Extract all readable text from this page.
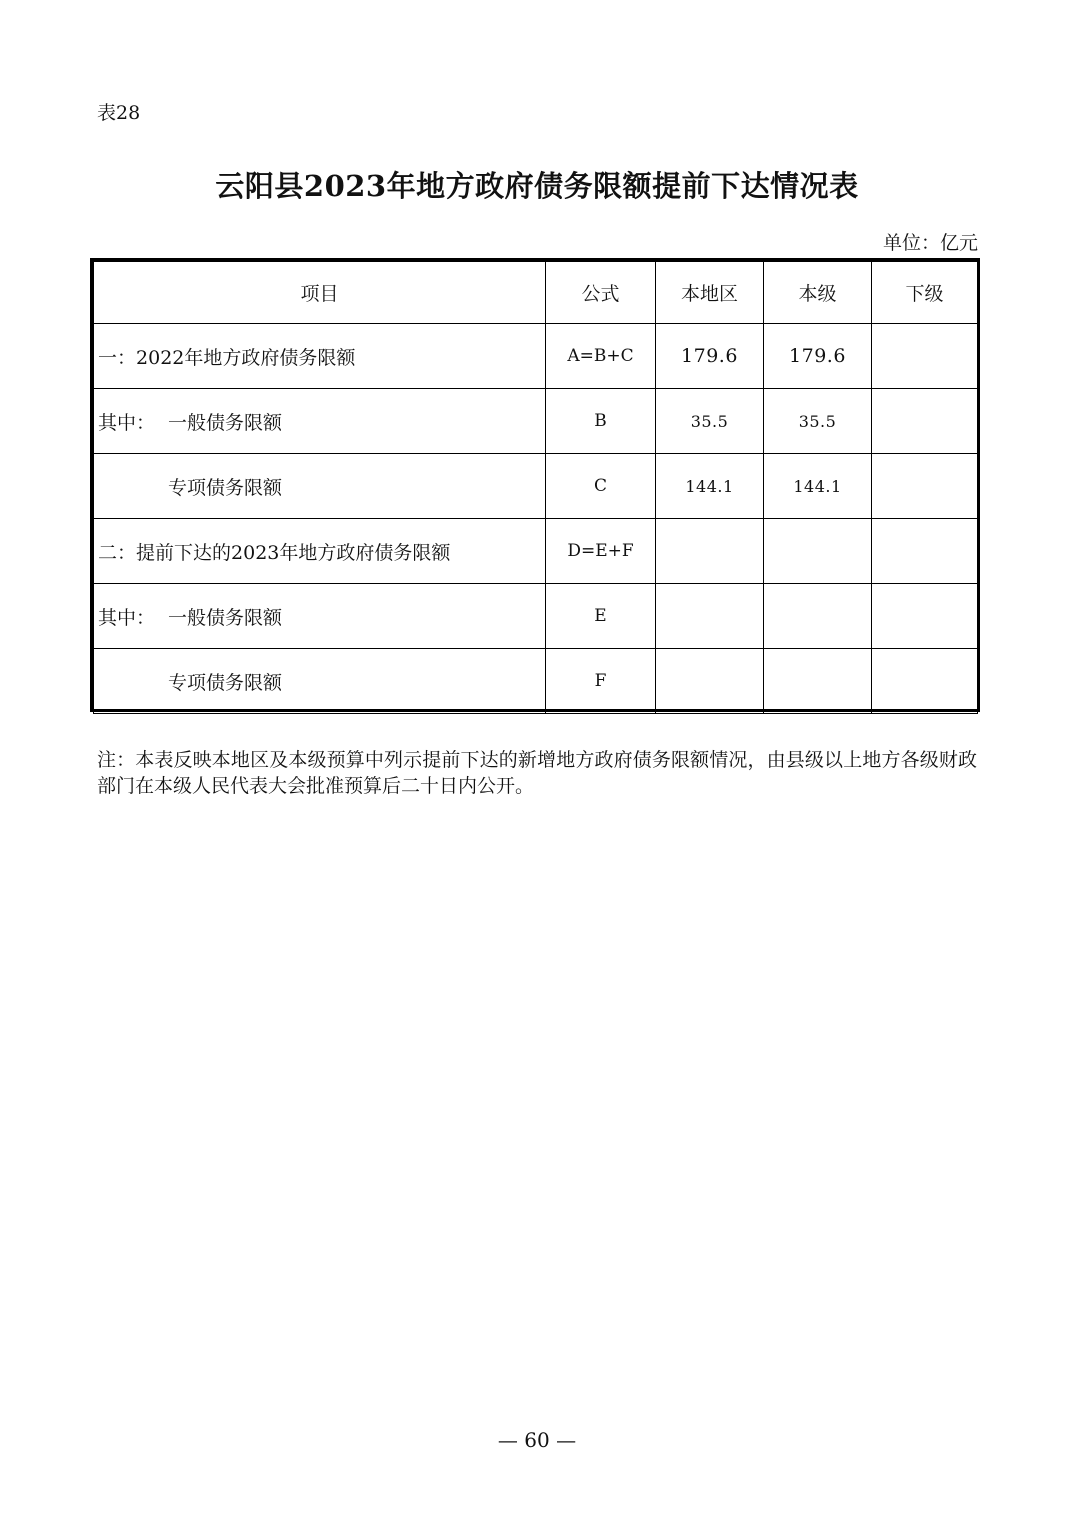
表28
云阳县2023年地方政府债务限额提前下达情况表
单位：亿元
项目	公式	本地区	本级	下级
一：2022年地方政府债务限额	A=B+C	179.6	179.6	
其中： 一般债务限额	B	35.5	35.5	
专项债务限额	C	144.1	144.1	
二：提前下达的2023年地方政府债务限额	D=E+F			
其中： 一般债务限额	E			
专项债务限额	F			
注：本表反映本地区及本级预算中列示提前下达的新增地方政府债务限额情况，由县级以上地方各级财政部门在本级人民代表大会批准预算后二十日内公开。
— 60 —
